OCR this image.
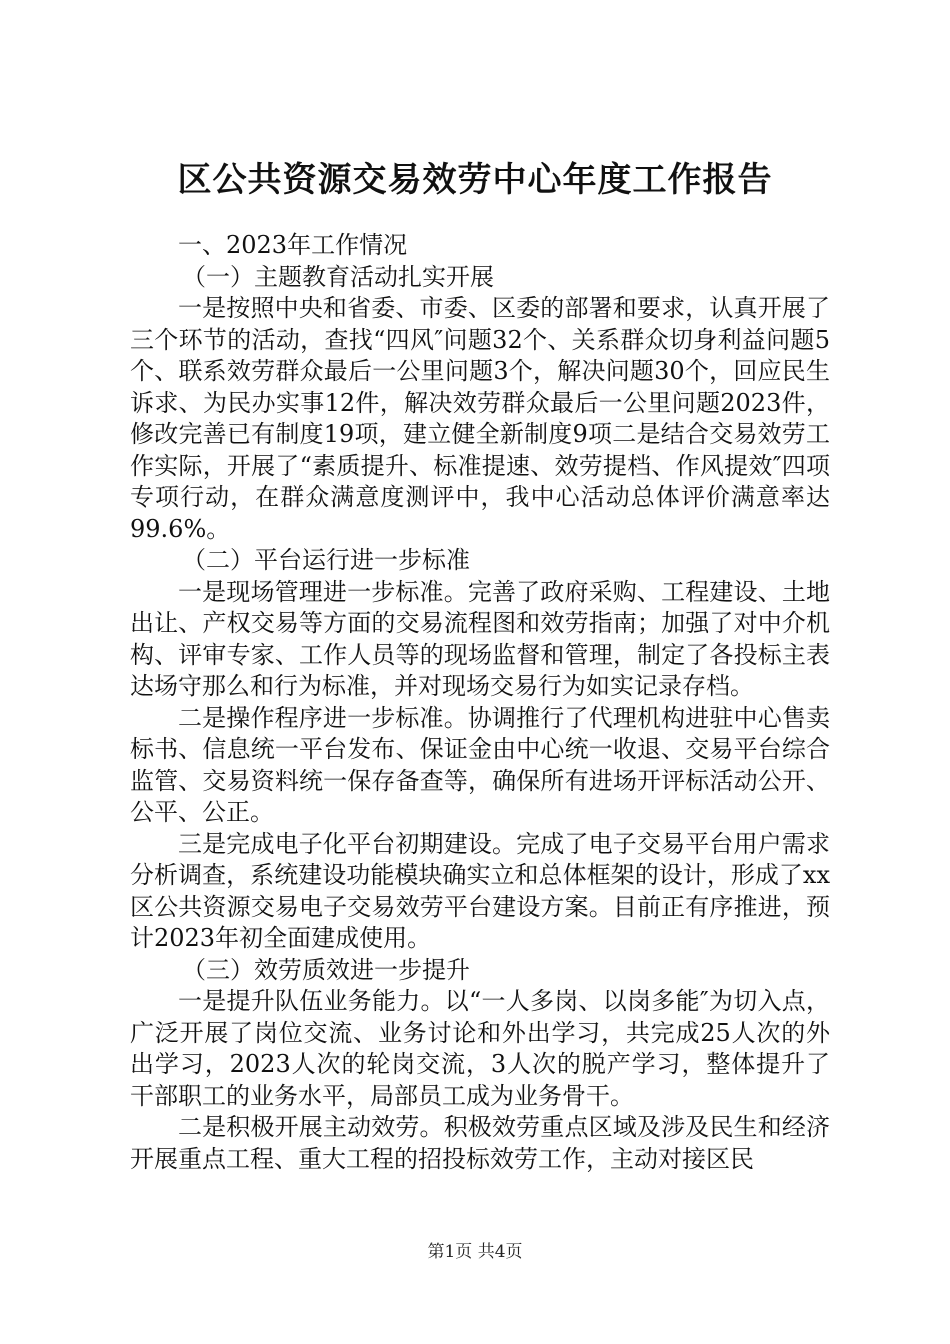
区公共资源交易效劳中心年度工作报告

一、2023年工作情况

（一）主题教育活动扎实开展

一是按照中央和省委、市委、区委的部署和要求，认真开展了三个环节的活动，查找“四风″问题32个、关系群众切身利益问题5个、联系效劳群众最后一公里问题3个，解决问题30个，回应民生诉求、为民办实事12件，解决效劳群众最后一公里问题2023件，修改完善已有制度19项，建立健全新制度9项二是结合交易效劳工作实际，开展了“素质提升、标准提速、效劳提档、作风提效″四项专项行动，在群众满意度测评中，我中心活动总体评价满意率达99.6%。

（二）平台运行进一步标准

一是现场管理进一步标准。完善了政府采购、工程建设、土地出让、产权交易等方面的交易流程图和效劳指南；加强了对中介机构、评审专家、工作人员等的现场监督和管理，制定了各投标主表达场守那么和行为标准，并对现场交易行为如实记录存档。

二是操作程序进一步标准。协调推行了代理机构进驻中心售卖标书、信息统一平台发布、保证金由中心统一收退、交易平台综合监管、交易资料统一保存备查等，确保所有进场开评标活动公开、公平、公正。

三是完成电子化平台初期建设。完成了电子交易平台用户需求分析调查，系统建设功能模块确实立和总体框架的设计，形成了xx区公共资源交易电子交易效劳平台建设方案。目前正有序推进，预计2023年初全面建成使用。

（三）效劳质效进一步提升

一是提升队伍业务能力。以“一人多岗、以岗多能″为切入点，广泛开展了岗位交流、业务讨论和外出学习，共完成25人次的外出学习，2023人次的轮岗交流，3人次的脱产学习，整体提升了干部职工的业务水平，局部员工成为业务骨干。

二是积极开展主动效劳。积极效劳重点区域及涉及民生和经济开展重点工程、重大工程的招投标效劳工作，主动对接区民

第1页 共4页
